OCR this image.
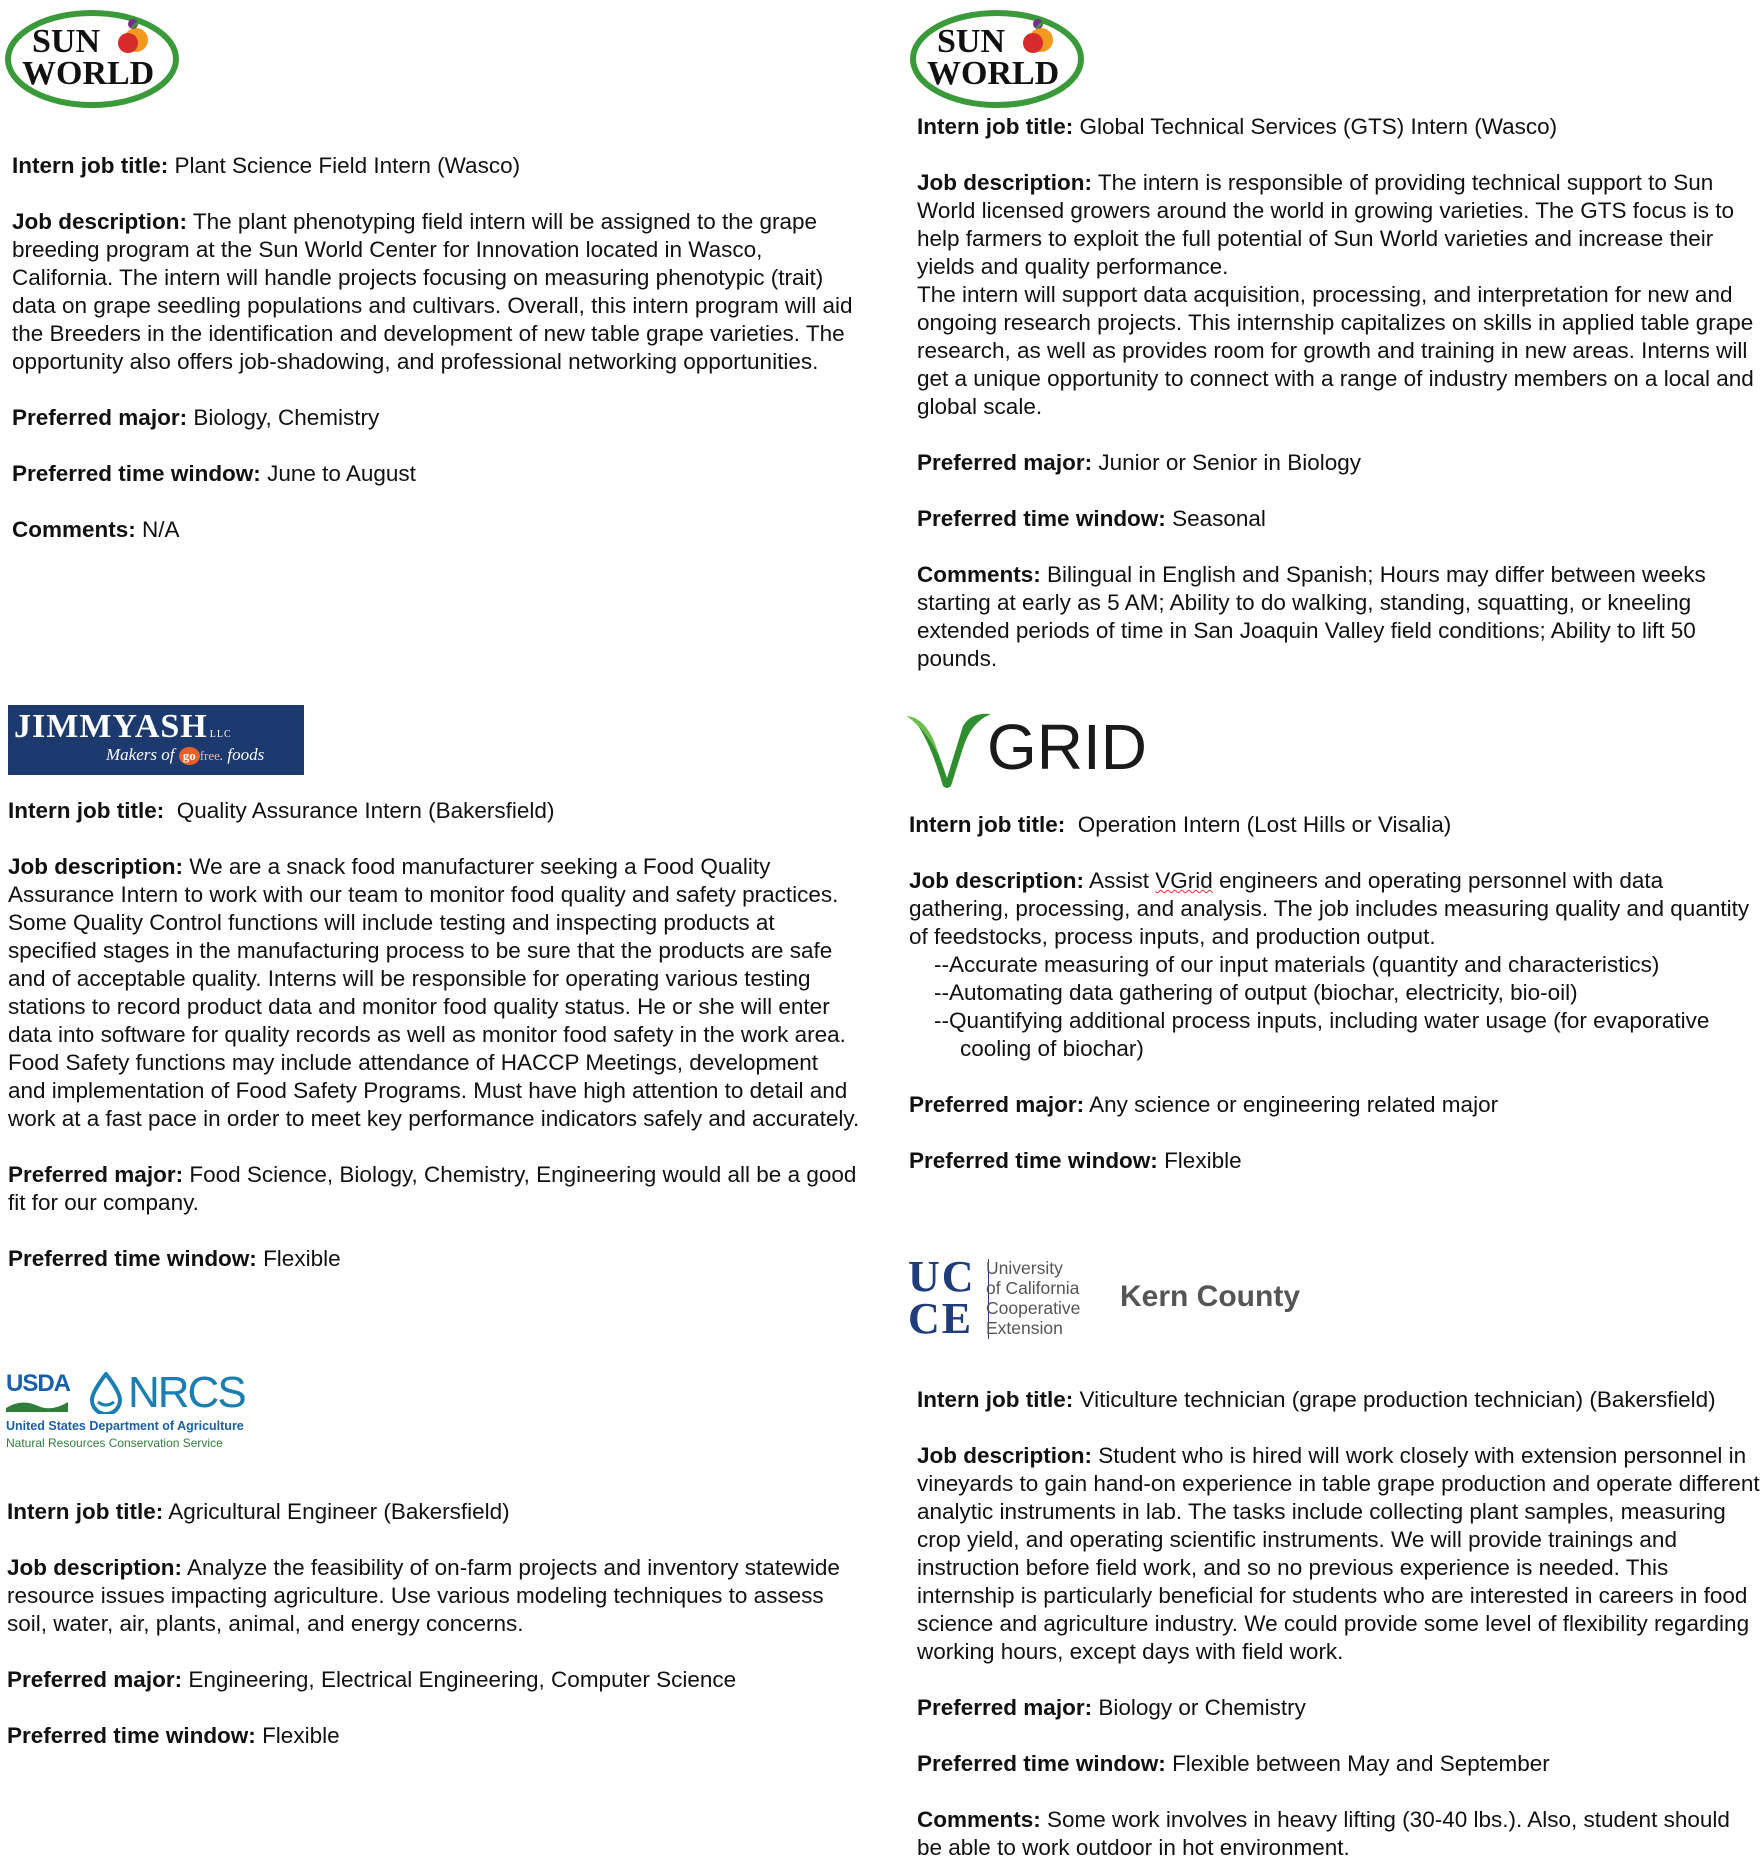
SUN
WORLD
SUN
WORLD

Intern job title: Plant Science Field Intern (Wasco)

Job description: The plant phenotyping field intern will be assigned to the grape breeding program at the Sun World Center for Innovation located in Wasco, California. The intern will handle projects focusing on measuring phenotypic (trait) data on grape seedling populations and cultivars. Overall, this intern program will aid the Breeders in the identification and development of new table grape varieties. The opportunity also offers job-shadowing, and professional networking opportunities.

Preferred major: Biology, Chemistry

Preferred time window: June to August

Comments: N/A

Intern job title: Global Technical Services (GTS) Intern (Wasco)

Job description: The intern is responsible of providing technical support to Sun World licensed growers around the world in growing varieties. The GTS focus is to help farmers to exploit the full potential of Sun World varieties and increase their yields and quality performance.

The intern will support data acquisition, processing, and interpretation for new and ongoing research projects. This internship capitalizes on skills in applied table grape research, as well as provides room for growth and training in new areas. Interns will get a unique opportunity to connect with a range of industry members on a local and global scale.

Preferred major: Junior or Senior in Biology

Preferred time window: Seasonal

Comments: Bilingual in English and Spanish; Hours may differ between weeks starting at early as 5 AM; Ability to do walking, standing, squatting, or kneeling extended periods of time in San Joaquin Valley field conditions; Ability to lift 50 pounds.

JIMMYASH LLC
Makers of go free. foods

Intern job title: Quality Assurance Intern (Bakersfield)

Job description: We are a snack food manufacturer seeking a Food Quality Assurance Intern to work with our team to monitor food quality and safety practices. Some Quality Control functions will include testing and inspecting products at specified stages in the manufacturing process to be sure that the products are safe and of acceptable quality. Interns will be responsible for operating various testing stations to record product data and monitor food quality status. He or she will enter data into software for quality records as well as monitor food safety in the work area. Food Safety functions may include attendance of HACCP Meetings, development and implementation of Food Safety Programs. Must have high attention to detail and work at a fast pace in order to meet key performance indicators safely and accurately.

Preferred major: Food Science, Biology, Chemistry, Engineering would all be a good fit for our company.

Preferred time window: Flexible

GRID

Intern job title: Operation Intern (Lost Hills or Visalia)

Job description: Assist VGrid engineers and operating personnel with data gathering, processing, and analysis. The job includes measuring quality and quantity of feedstocks, process inputs, and production output.

--Accurate measuring of our input materials (quantity and characteristics)
--Automating data gathering of output (biochar, electricity, bio-oil)
--Quantifying additional process inputs, including water usage (for evaporative cooling of biochar)

Preferred major: Any science or engineering related major

Preferred time window: Flexible

USDA NRCS
United States Department of Agriculture
Natural Resources Conservation Service

Intern job title: Agricultural Engineer (Bakersfield)

Job description: Analyze the feasibility of on-farm projects and inventory statewide resource issues impacting agriculture. Use various modeling techniques to assess soil, water, air, plants, animal, and energy concerns.

Preferred major: Engineering, Electrical Engineering, Computer Science

Preferred time window: Flexible

UC
CE
University
of California
Cooperative
Extension
Kern County

Intern job title: Viticulture technician (grape production technician) (Bakersfield)

Job description: Student who is hired will work closely with extension personnel in vineyards to gain hand-on experience in table grape production and operate different analytic instruments in lab. The tasks include collecting plant samples, measuring crop yield, and operating scientific instruments. We will provide trainings and instruction before field work, and so no previous experience is needed. This internship is particularly beneficial for students who are interested in careers in food science and agriculture industry. We could provide some level of flexibility regarding working hours, except days with field work.

Preferred major: Biology or Chemistry

Preferred time window: Flexible between May and September

Comments: Some work involves in heavy lifting (30-40 lbs.). Also, student should be able to work outdoor in hot environment.
